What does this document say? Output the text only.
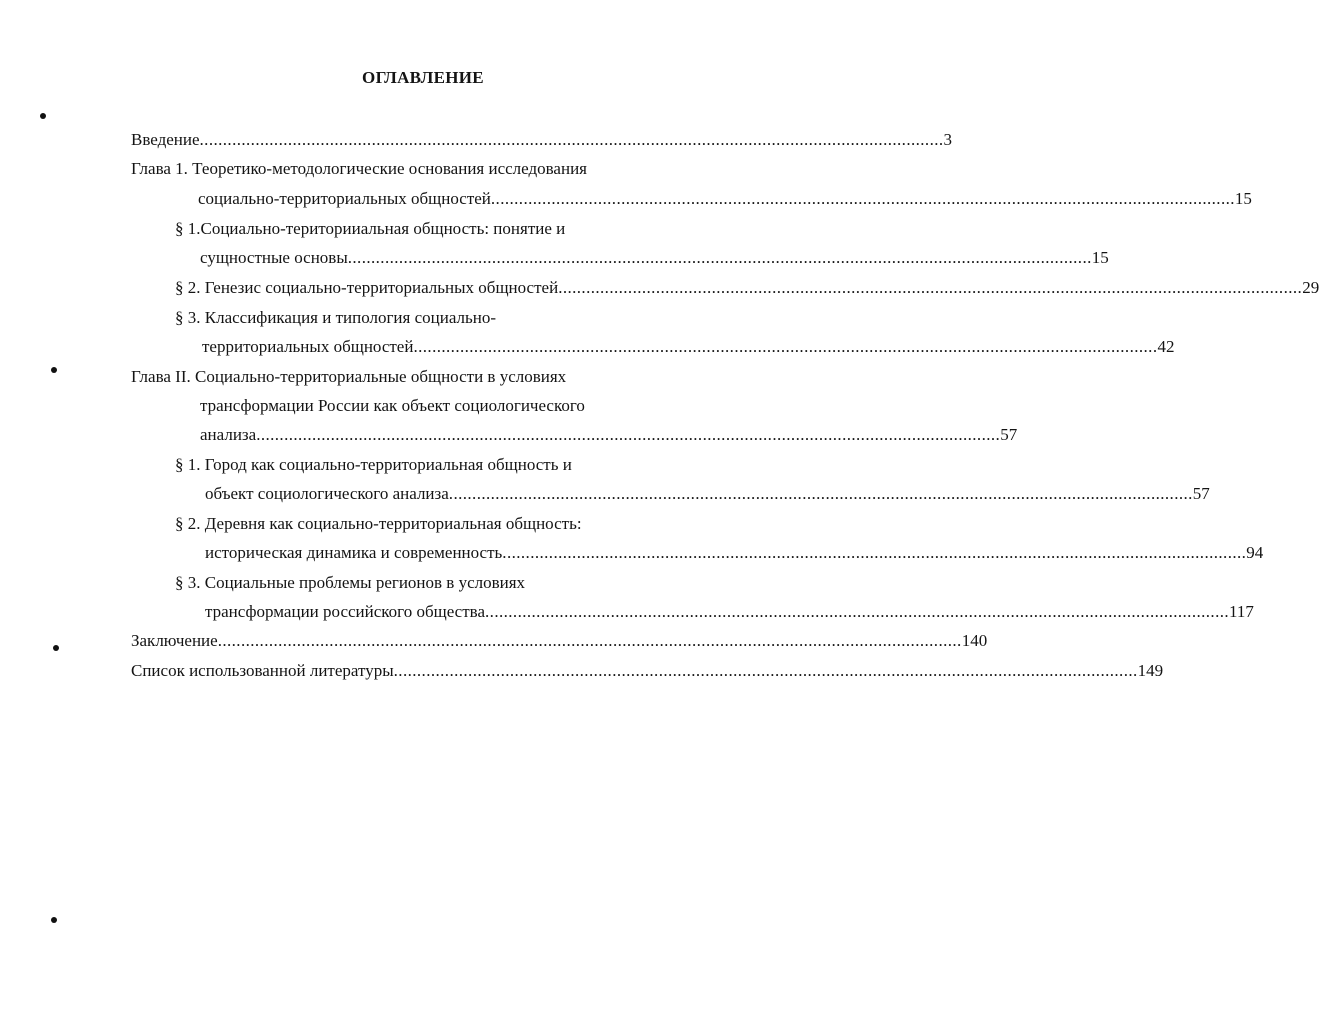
ОГЛАВЛЕНИЕ
Введение ................................................................................................................................................................ 3
Глава 1. Теоретико-методологические основания исследования
социально-территориальных общностей ................................................................................................................................................................ 15
§ 1.Социально-територииальная общность: понятие и
сущностные основы ................................................................................................................................................................ 15
§ 2. Генезис социально-территориальных общностей ................................................................................................................................................................ 29
§ 3. Классификация и типология социально-
территориальных общностей ................................................................................................................................................................ 42
Глава II. Социально-территориальные общности в условиях
трансформации России как объект социологического
анализа ................................................................................................................................................................ 57
§ 1. Город как социально-территориальная общность и
объект социологического анализа ................................................................................................................................................................ 57
§ 2. Деревня как социально-территориальная общность:
историческая динамика и современность ................................................................................................................................................................ 94
§ 3. Социальные проблемы регионов в условиях
трансформации российского общества ................................................................................................................................................................ 117
Заключение ................................................................................................................................................................ 140
Список использованной литературы ................................................................................................................................................................ 149
